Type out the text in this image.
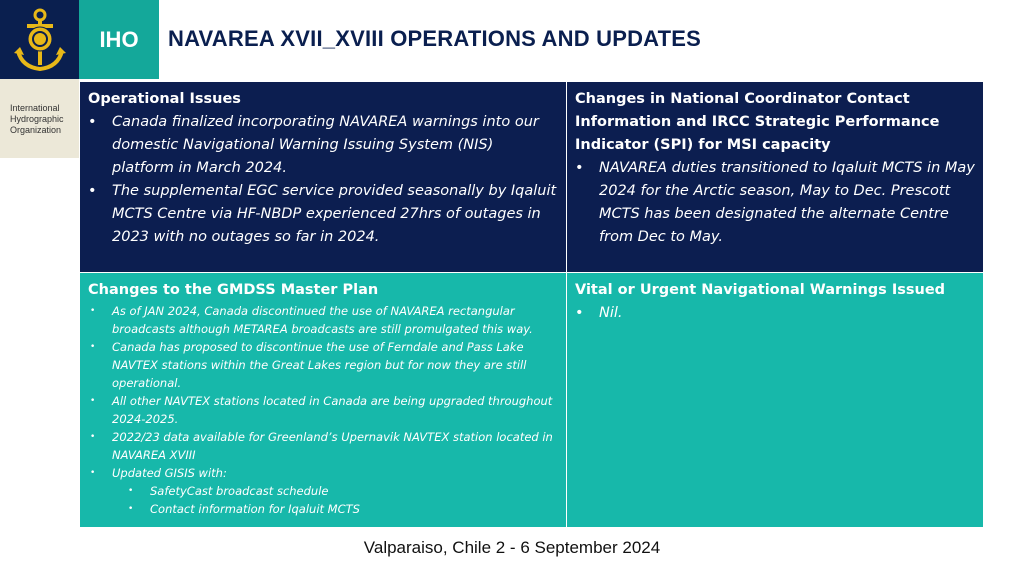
IHO	NAVAREA XVII_XVIII OPERATIONS AND UPDATES
International
Hydrographic
Organization
Operational Issues
• Canada finalized incorporating NAVAREA warnings into our domestic Navigational Warning Issuing System (NIS) platform in March 2024.
• The supplemental EGC service provided seasonally by Iqaluit MCTS Centre via HF-NBDP experienced 27hrs of outages in 2023 with no outages so far in 2024.
Changes in National Coordinator Contact Information and IRCC Strategic Performance Indicator (SPI) for MSI capacity
• NAVAREA duties transitioned to Iqaluit MCTS in May 2024 for the Arctic season, May to Dec. Prescott MCTS has been designated the alternate Centre from Dec to May.
Changes to the GMDSS Master Plan
• As of JAN 2024, Canada discontinued the use of NAVAREA rectangular broadcasts although METAREA broadcasts are still promulgated this way.
• Canada has proposed to discontinue the use of Ferndale and Pass Lake NAVTEX stations within the Great Lakes region but for now they are still operational.
• All other NAVTEX stations located in Canada are being upgraded throughout 2024-2025.
• 2022/23 data available for Greenland’s Upernavik NAVTEX station located in NAVAREA XVIII
• Updated GISIS with:
• SafetyCast broadcast schedule
• Contact information for Iqaluit MCTS
Vital or Urgent Navigational Warnings Issued
• Nil.
Valparaiso, Chile 2 - 6 September 2024
